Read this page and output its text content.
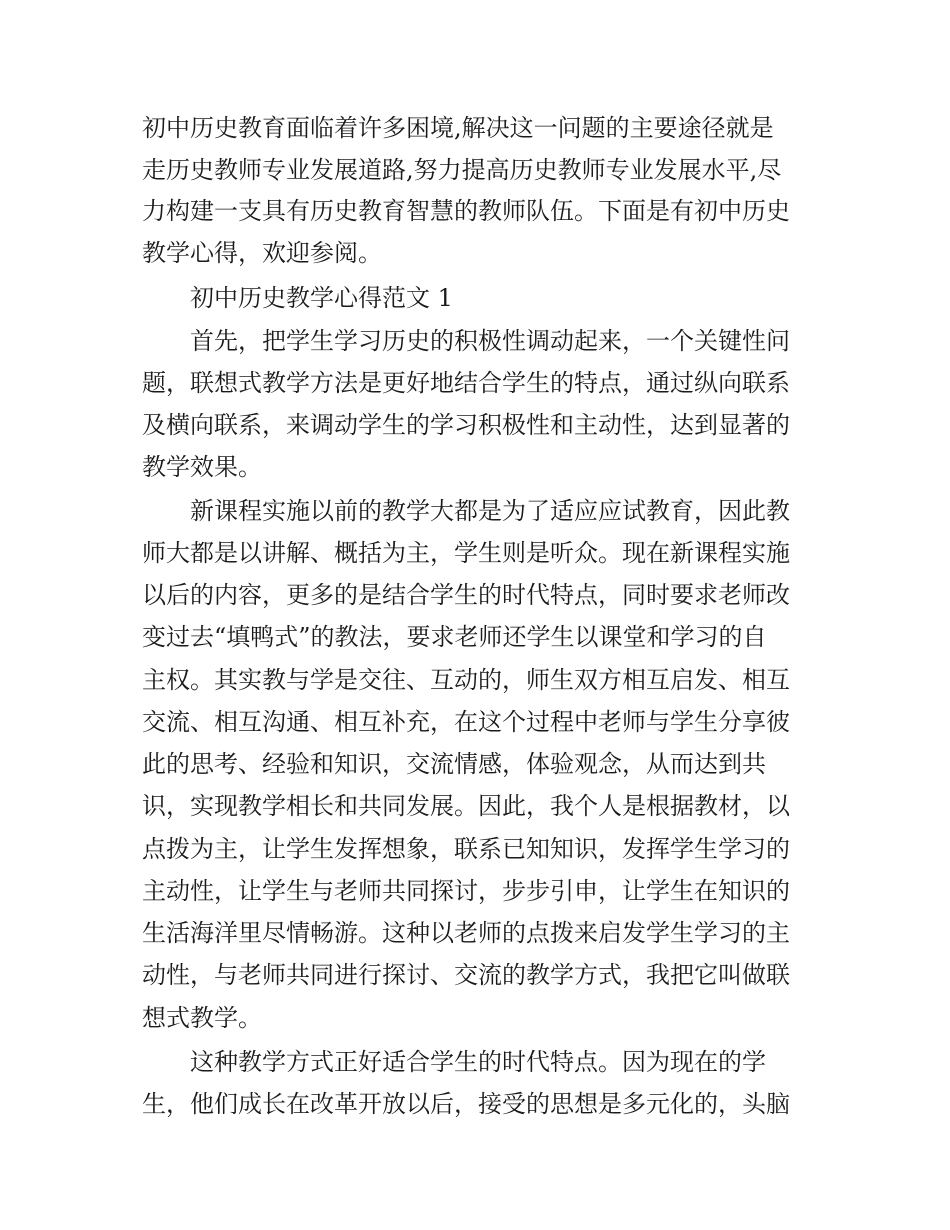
初中历史教育面临着许多困境,解决这一问题的主要途径就是
走历史教师专业发展道路,努力提高历史教师专业发展水平,尽
力构建一支具有历史教育智慧的教师队伍。下面是有初中历史
教学心得，欢迎参阅。
初中历史教学心得范文 1
首先，把学生学习历史的积极性调动起来，一个关键性问
题，联想式教学方法是更好地结合学生的特点，通过纵向联系
及横向联系，来调动学生的学习积极性和主动性，达到显著的
教学效果。
新课程实施以前的教学大都是为了适应应试教育，因此教
师大都是以讲解、概括为主，学生则是听众。现在新课程实施
以后的内容，更多的是结合学生的时代特点，同时要求老师改
变过去“填鸭式”的教法，要求老师还学生以课堂和学习的自
主权。其实教与学是交往、互动的，师生双方相互启发、相互
交流、相互沟通、相互补充，在这个过程中老师与学生分享彼
此的思考、经验和知识，交流情感，体验观念，从而达到共
识，实现教学相长和共同发展。因此，我个人是根据教材，以
点拨为主，让学生发挥想象，联系已知知识，发挥学生学习的
主动性，让学生与老师共同探讨，步步引申，让学生在知识的
生活海洋里尽情畅游。这种以老师的点拨来启发学生学习的主
动性，与老师共同进行探讨、交流的教学方式，我把它叫做联
想式教学。
这种教学方式正好适合学生的时代特点。因为现在的学
生，他们成长在改革开放以后，接受的思想是多元化的，头脑
